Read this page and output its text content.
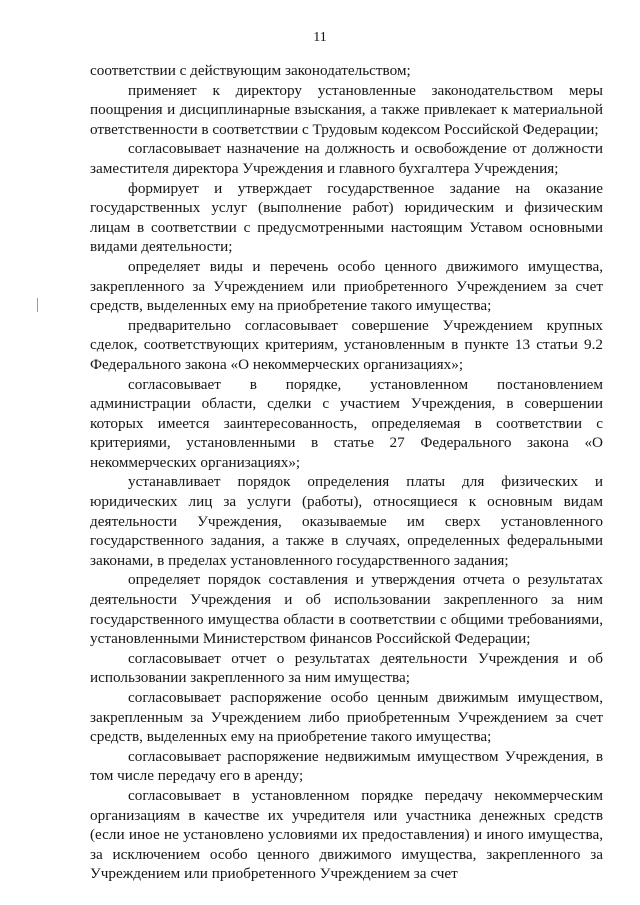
11

соответствии с действующим законодательством;

применяет к директору установленные законодательством меры поощрения и дисциплинарные взыскания, а также привлекает к материальной ответственности в соответствии с Трудовым кодексом Российской Федерации;

согласовывает назначение на должность и освобождение от должности заместителя директора Учреждения и главного бухгалтера Учреждения;

формирует и утверждает государственное задание на оказание государственных услуг (выполнение работ) юридическим и физическим лицам в соответствии с предусмотренными настоящим Уставом основными видами деятельности;

определяет виды и перечень особо ценного движимого имущества, закрепленного за Учреждением или приобретенного Учреждением за счет средств, выделенных ему на приобретение такого имущества;

предварительно согласовывает совершение Учреждением крупных сделок, соответствующих критериям, установленным в пункте 13 статьи 9.2 Федерального закона «О некоммерческих организациях»;

согласовывает в порядке, установленном постановлением администрации области, сделки с участием Учреждения, в совершении которых имеется заинтересованность, определяемая в соответствии с критериями, установленными в статье 27 Федерального закона «О некоммерческих организациях»;

устанавливает порядок определения платы для физических и юридических лиц за услуги (работы), относящиеся к основным видам деятельности Учреждения, оказываемые им сверх установленного государственного задания, а также в случаях, определенных федеральными законами, в пределах установленного государственного задания;

определяет порядок составления и утверждения отчета о результатах деятельности Учреждения и об использовании закрепленного за ним государственного имущества области в соответствии с общими требованиями, установленными Министерством финансов Российской Федерации;

согласовывает отчет о результатах деятельности Учреждения и об использовании закрепленного за ним имущества;

согласовывает распоряжение особо ценным движимым имуществом, закрепленным за Учреждением либо приобретенным Учреждением за счет средств, выделенных ему на приобретение такого имущества;

согласовывает распоряжение недвижимым имуществом Учреждения, в том числе передачу его в аренду;

согласовывает в установленном порядке передачу некоммерческим организациям в качестве их учредителя или участника денежных средств (если иное не установлено условиями их предоставления) и иного имущества, за исключением особо ценного движимого имущества, закрепленного за Учреждением или приобретенного Учреждением за счет
